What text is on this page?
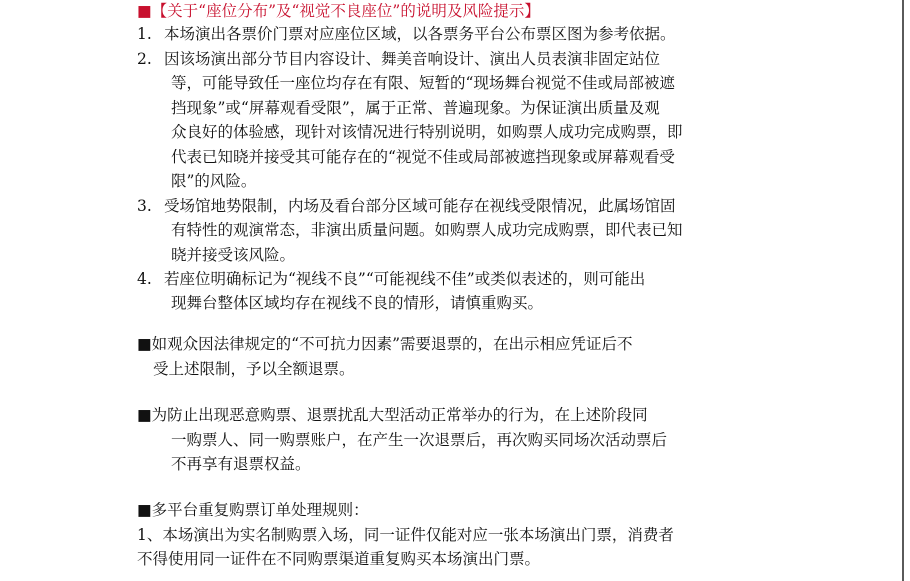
■【关于“座位分布”及“视觉不良座位”的说明及风险提示】
1. 本场演出各票价门票对应座位区域，以各票务平台公布票区图为参考依据。
2. 因该场演出部分节目内容设计、舞美音响设计、演出人员表演非固定站位
等，可能导致任一座位均存在有限、短暂的“现场舞台视觉不佳或局部被遮
挡现象”或“屏幕观看受限”，属于正常、普遍现象。为保证演出质量及观
众良好的体验感，现针对该情况进行特别说明，如购票人成功完成购票，即
代表已知晓并接受其可能存在的“视觉不佳或局部被遮挡现象或屏幕观看受
限”的风险。
3. 受场馆地势限制，内场及看台部分区域可能存在视线受限情况，此属场馆固
有特性的观演常态，非演出质量问题。如购票人成功完成购票，即代表已知
晓并接受该风险。
4. 若座位明确标记为“视线不良”“可能视线不佳”或类似表述的，则可能出
现舞台整体区域均存在视线不良的情形，请慎重购买。
■如观众因法律规定的“不可抗力因素”需要退票的，在出示相应凭证后不
受上述限制，予以全额退票。
■为防止出现恶意购票、退票扰乱大型活动正常举办的行为，在上述阶段同
一购票人、同一购票账户，在产生一次退票后，再次购买同场次活动票后
不再享有退票权益。
■多平台重复购票订单处理规则：
1、本场演出为实名制购票入场，同一证件仅能对应一张本场演出门票，消费者
不得使用同一证件在不同购票渠道重复购买本场演出门票。
